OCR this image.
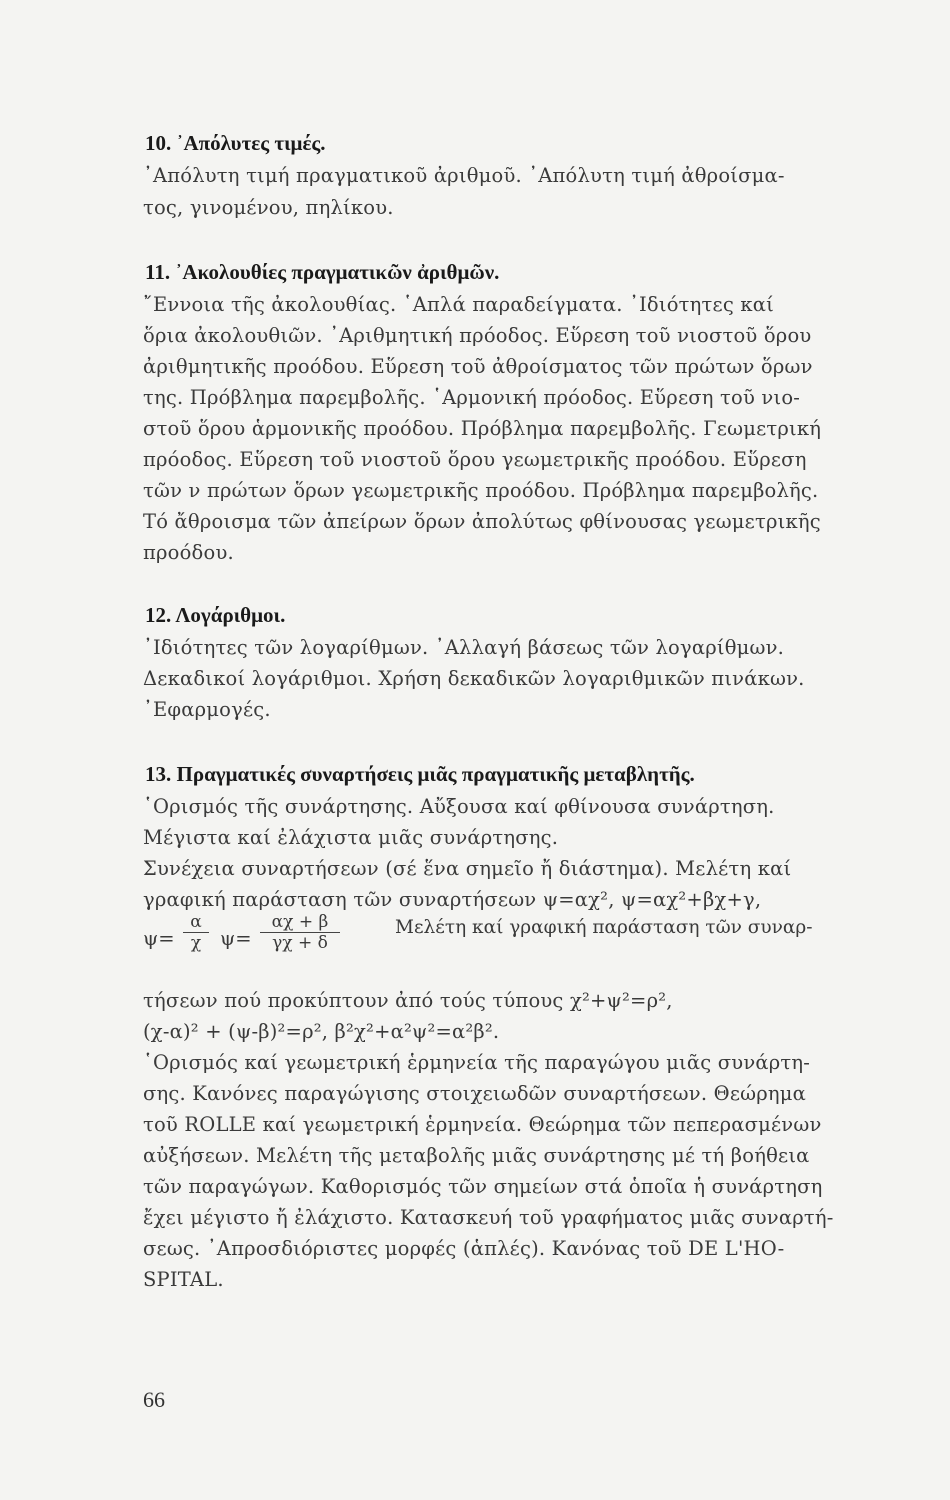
10. ᾿Απόλυτες τιμές.
᾿Απόλυτη τιμή πραγματικοῦ ἀριθμοῦ. ᾿Απόλυτη τιμή ἀθροίσμα-
τος, γινομένου, πηλίκου.
11. ᾿Ακολουθίες πραγματικῶν ἀριθμῶν.
῎Εννοια τῆς ἀκολουθίας. ῾Απλά παραδείγματα. ᾿Ιδιότητες καί
ὅρια ἀκολουθιῶν. ᾿Αριθμητική πρόοδος. Εὕρεση τοῦ νιοστοῦ ὅρου
ἀριθμητικῆς προόδου. Εὕρεση τοῦ ἀθροίσματος τῶν πρώτων ὅρων
της. Πρόβλημα παρεμβολῆς. ῾Αρμονική πρόοδος. Εὕρεση τοῦ νιο-
στοῦ ὅρου ἁρμονικῆς προόδου. Πρόβλημα παρεμβολῆς. Γεωμετρική
πρόοδος. Εὕρεση τοῦ νιοστοῦ ὅρου γεωμετρικῆς προόδου. Εὕρεση
τῶν ν πρώτων ὅρων γεωμετρικῆς προόδου. Πρόβλημα παρεμβολῆς.
Τό ἄθροισμα τῶν ἀπείρων ὅρων ἀπολύτως φθίνουσας γεωμετρικῆς
προόδου.
12. Λογάριθμοι.
᾿Ιδιότητες τῶν λογαρίθμων. ᾿Αλλαγή βάσεως τῶν λογαρίθμων.
Δεκαδικοί λογάριθμοι. Χρήση δεκαδικῶν λογαριθμικῶν πινάκων.
᾿Εφαρμογές.
13. Πραγματικές συναρτήσεις μιᾶς πραγματικῆς μεταβλητῆς.
῾Ορισμός τῆς συνάρτησης. Αὔξουσα καί φθίνουσα συνάρτηση.
Μέγιστα καί ἐλάχιστα μιᾶς συνάρτησης.
Συνέχεια συναρτήσεων (σέ ἕνα σημεῖο ἤ διάστημα). Μελέτη καί
γραφική παράσταση τῶν συναρτήσεων ψ=αχ², ψ=αχ²+βχ+γ,
ψ=
α
χ ψ=
αχ + β
γχ + δ
Μελέτη καί γραφική παράσταση τῶν συναρ-
τήσεων πού προκύπτουν ἀπό τούς τύπους χ²+ψ²=ρ²,
(χ-α)² + (ψ-β)²=ρ², β²χ²+α²ψ²=α²β².
῾Ορισμός καί γεωμετρική ἑρμηνεία τῆς παραγώγου μιᾶς συνάρτη-
σης. Κανόνες παραγώγισης στοιχειωδῶν συναρτήσεων. Θεώρημα
τοῦ ROLLE καί γεωμετρική ἑρμηνεία. Θεώρημα τῶν πεπερασμένων
αὐξήσεων. Μελέτη τῆς μεταβολῆς μιᾶς συνάρτησης μέ τή βοήθεια
τῶν παραγώγων. Καθορισμός τῶν σημείων στά ὁποῖα ἡ συνάρτηση
ἔχει μέγιστο ἤ ἐλάχιστο. Κατασκευή τοῦ γραφήματος μιᾶς συναρτή-
σεως. ᾿Απροσδιόριστες μορφές (ἁπλές). Κανόνας τοῦ DE L'HO-
SPITAL.
66
